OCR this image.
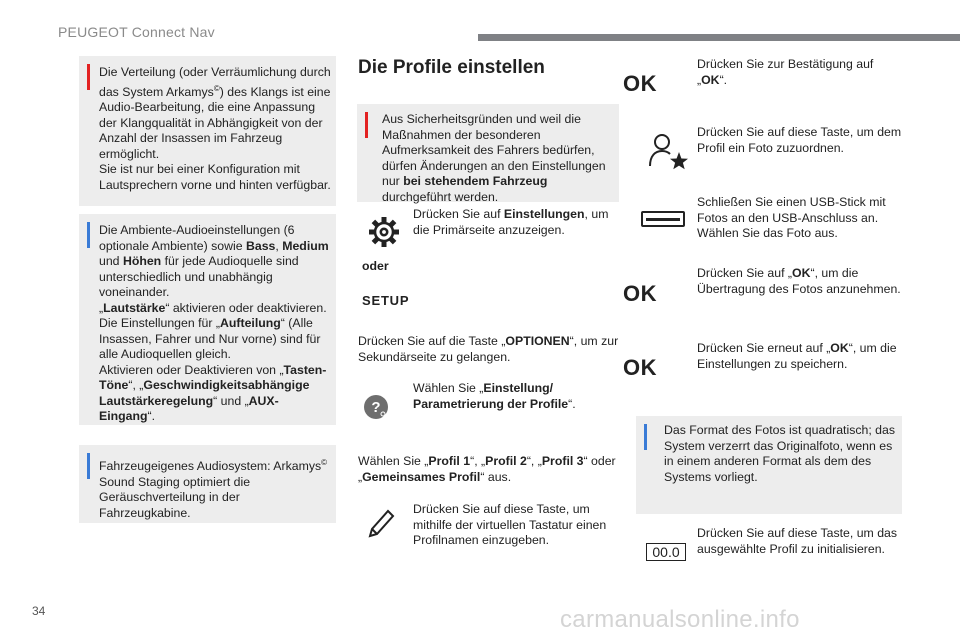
PEUGEOT Connect Nav
34	carmanualsonline.info
Die Verteilung (oder Verräumlichung durch das System Arkamys©) des Klangs ist eine Audio-Bearbeitung, die eine Anpassung der Klangqualität in Abhängigkeit von der Anzahl der Insassen im Fahrzeug ermöglicht.
Sie ist nur bei einer Konfiguration mit Lautsprechern vorne und hinten verfügbar.
Die Ambiente-Audioeinstellungen (6 optionale Ambiente) sowie Bass, Medium und Höhen für jede Audioquelle sind unterschiedlich und unabhängig voneinander.
„Lautstärke“ aktivieren oder deaktivieren.
Die Einstellungen für „Aufteilung“ (Alle Insassen, Fahrer und Nur vorne) sind für alle Audioquellen gleich.
Aktivieren oder Deaktivieren von „Tasten-Töne“, „Geschwindigkeitsabhängige Lautstärkeregelung“ und „AUX-Eingang“.
Fahrzeugeigenes Audiosystem: Arkamys© Sound Staging optimiert die Geräuschverteilung in der Fahrzeugkabine.
Die Profile einstellen
Aus Sicherheitsgründen und weil die Maßnahmen der besonderen Aufmerksamkeit des Fahrers bedürfen, dürfen Änderungen an den Einstellungen nur bei stehendem Fahrzeug durchgeführt werden.
Drücken Sie auf Einstellungen, um die Primärseite anzuzeigen.
oder
SETUP
Drücken Sie auf die Taste „OPTIONEN“, um zur Sekundärseite zu gelangen.
?
Wählen Sie „Einstellung/ Parametrierung der Profile“.
Wählen Sie „Profil 1“, „Profil 2“, „Profil 3“ oder „Gemeinsames Profil“ aus.
Drücken Sie auf diese Taste, um mithilfe der virtuellen Tastatur einen Profilnamen einzugeben.
OK
Drücken Sie zur Bestätigung auf „OK“.
Drücken Sie auf diese Taste, um dem Profil ein Foto zuzuordnen.
Schließen Sie einen USB-Stick mit Fotos an den USB-Anschluss an. Wählen Sie das Foto aus.
OK
Drücken Sie auf „OK“, um die Übertragung des Fotos anzunehmen.
OK
Drücken Sie erneut auf „OK“, um die Einstellungen zu speichern.
Das Format des Fotos ist quadratisch; das System verzerrt das Originalfoto, wenn es in einem anderen Format als dem des Systems vorliegt.
00.0
Drücken Sie auf diese Taste, um das ausgewählte Profil zu initialisieren.
